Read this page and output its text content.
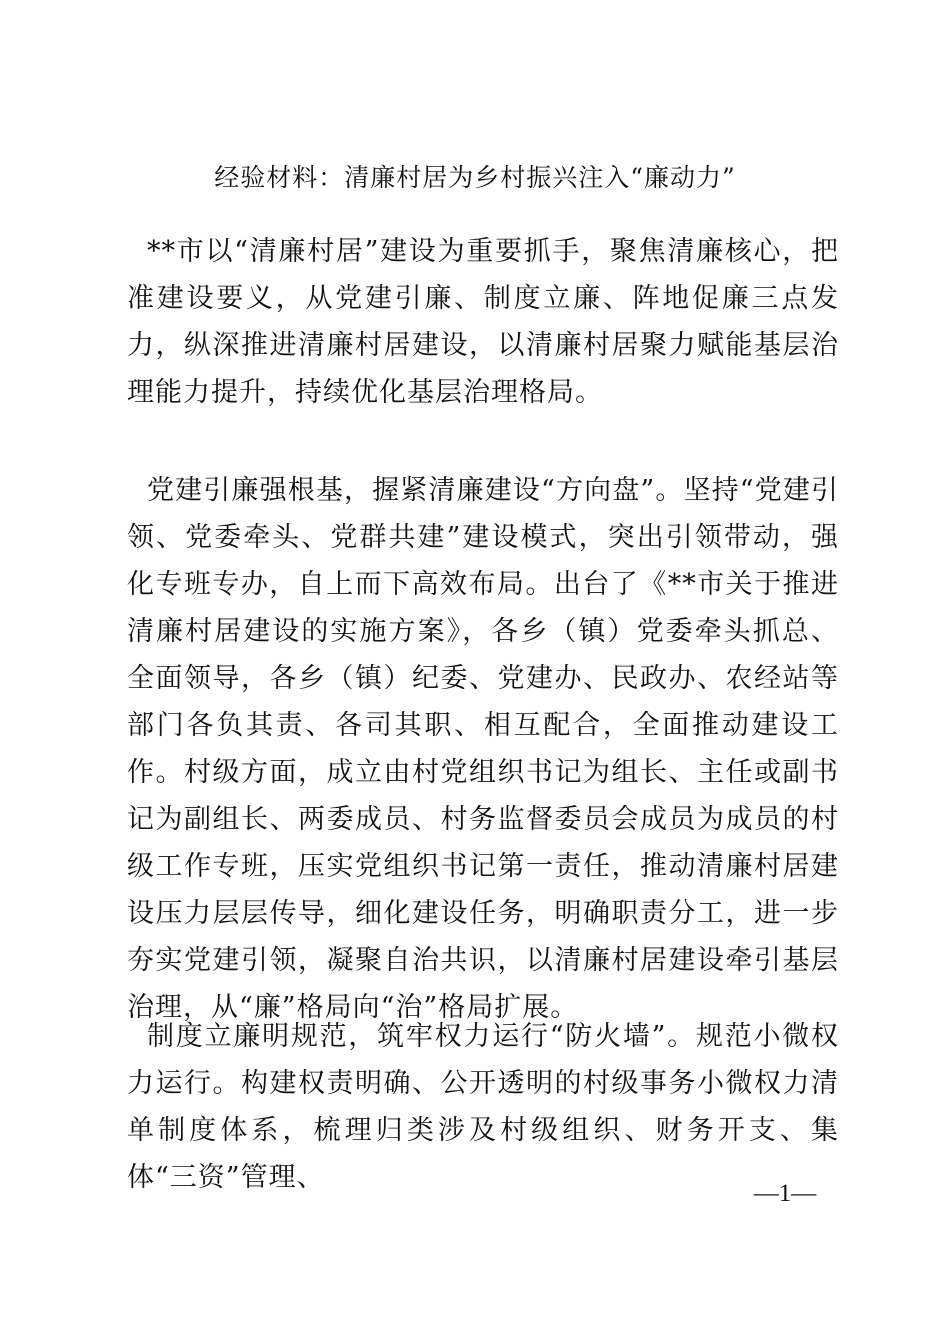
经验材料：清廉村居为乡村振兴注入“廉动力”

**市以“清廉村居”建设为重要抓手，聚焦清廉核心，把准建设要义，从党建引廉、制度立廉、阵地促廉三点发力，纵深推进清廉村居建设，以清廉村居聚力赋能基层治理能力提升，持续优化基层治理格局。

党建引廉强根基，握紧清廉建设“方向盘”。坚持“党建引领、党委牵头、党群共建”建设模式，突出引领带动，强化专班专办，自上而下高效布局。出台了《**市关于推进清廉村居建设的实施方案》，各乡（镇）党委牵头抓总、全面领导，各乡（镇）纪委、党建办、民政办、农经站等部门各负其责、各司其职、相互配合，全面推动建设工作。村级方面，成立由村党组织书记为组长、主任或副书记为副组长、两委成员、村务监督委员会成员为成员的村级工作专班，压实党组织书记第一责任，推动清廉村居建设压力层层传导，细化建设任务，明确职责分工，进一步夯实党建引领，凝聚自治共识，以清廉村居建设牵引基层治理，从“廉”格局向“治”格局扩展。

制度立廉明规范，筑牢权力运行“防火墙”。规范小微权力运行。构建权责明确、公开透明的村级事务小微权力清单制度体系，梳理归类涉及村级组织、财务开支、集体“三资”管理、

—1—
